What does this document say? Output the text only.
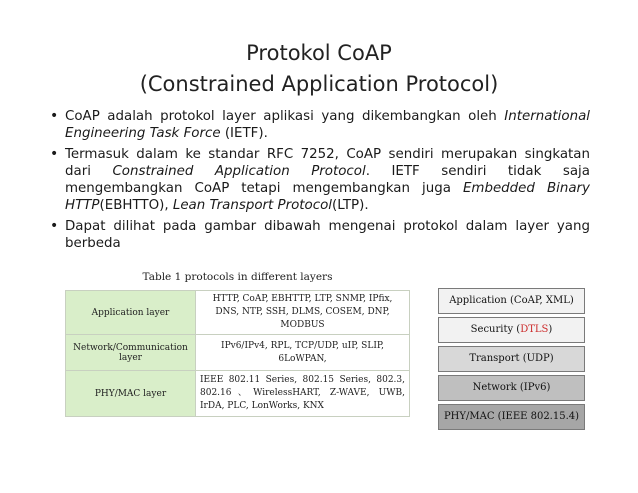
Protokol CoAP
(Constrained Application Protocol)
• CoAP adalah protokol layer aplikasi yang dikembangkan oleh International Engineering Task Force (IETF).
• Termasuk dalam ke standar RFC 7252, CoAP sendiri merupakan singkatan dari Constrained Application Protocol. IETF sendiri tidak saja mengembangkan CoAP tetapi mengembangkan juga Embedded Binary HTTP(EBHTTO), Lean Transport Protocol(LTP).
• Dapat dilihat pada gambar dibawah mengenai protokol dalam layer yang berbeda
Table 1 protocols in different layers
Application layer	HTTP, CoAP, EBHTTP, LTP, SNMP, IPfix, DNS, NTP, SSH, DLMS, COSEM, DNP, MODBUS
Network/Communication layer	IPv6/IPv4, RPL, TCP/UDP, uIP, SLIP, 6LoWPAN,
PHY/MAC layer	IEEE 802.11 Series, 802.15 Series, 802.3, 802.16、WirelessHART, Z-WAVE, UWB, IrDA, PLC, LonWorks, KNX
Application (CoAP, XML)
Security (DTLS)
Transport (UDP)
Network (IPv6)
PHY/MAC (IEEE 802.15.4)
